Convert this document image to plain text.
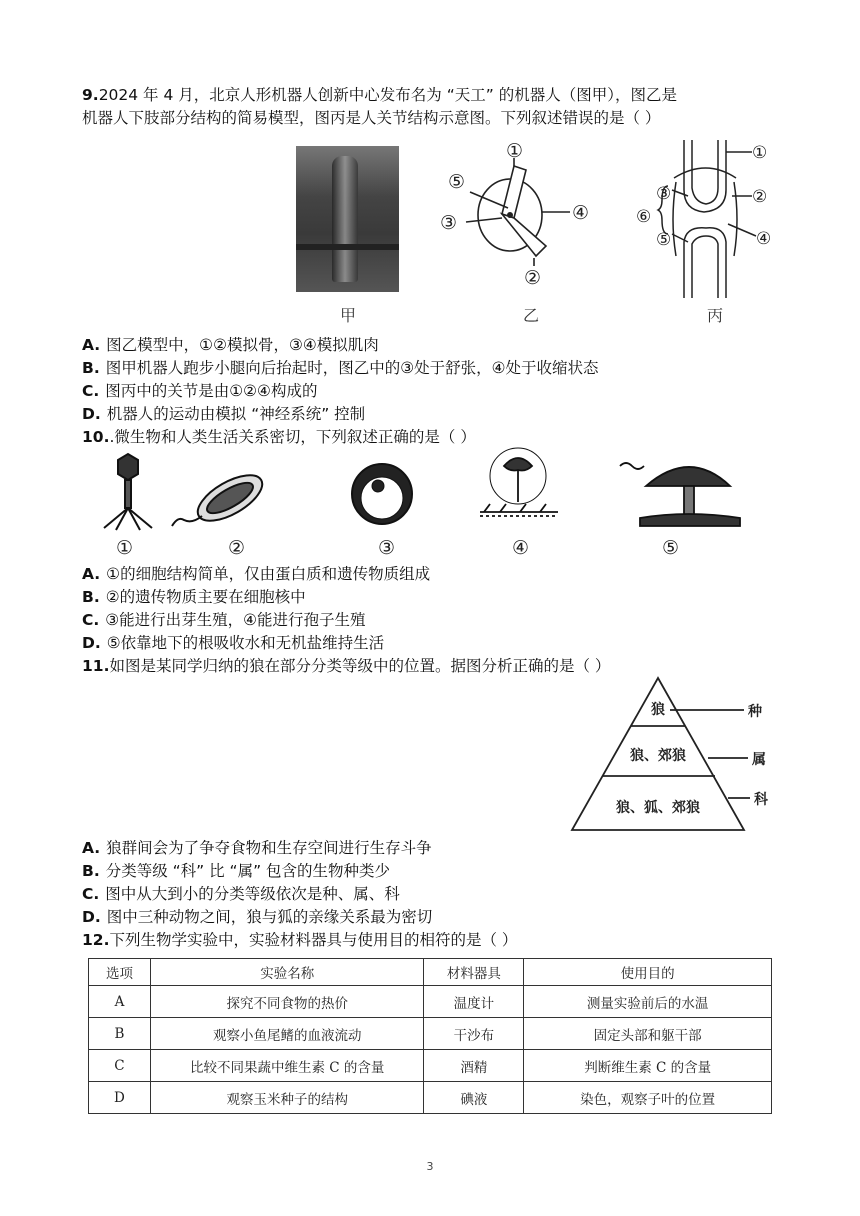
9.2024 年 4 月，北京人形机器人创新中心发布名为 “天工” 的机器人（图甲），图乙是
机器人下肢部分结构的简易模型，图丙是人关节结构示意图。下列叙述错误的是（ ）
①
②
③	④
⑤
①
②
③
④
⑤
⑥
甲	乙	丙
A. 图乙模型中，①②模拟骨，③④模拟肌肉
B. 图甲机器人跑步小腿向后抬起时，图乙中的③处于舒张，④处于收缩状态
C. 图丙中的关节是由①②④构成的
D. 机器人的运动由模拟 “神经系统” 控制
10..微生物和人类生活关系密切，下列叙述正确的是（ ）
①	②	③	④	⑤
A. ①的细胞结构简单，仅由蛋白质和遗传物质组成
B. ②的遗传物质主要在细胞核中
C. ③能进行出芽生殖，④能进行孢子生殖
D. ⑤依靠地下的根吸收水和无机盐维持生活
11.如图是某同学归纳的狼在部分分类等级中的位置。据图分析正确的是（ ）
狼
狼、郊狼
狼、狐、郊狼
种
属
科
A. 狼群间会为了争夺食物和生存空间进行生存斗争
B. 分类等级 “科” 比 “属” 包含的生物种类少
C. 图中从大到小的分类等级依次是种、属、科
D. 图中三种动物之间，狼与狐的亲缘关系最为密切
12.下列生物学实验中，实验材料器具与使用目的相符的是（ ）
选项	实验名称	材料器具	使用目的
A	探究不同食物的热价	温度计	测量实验前后的水温
B	观察小鱼尾鳍的血液流动	干沙布	固定头部和躯干部
C	比较不同果蔬中维生素 C 的含量	酒精	判断维生素 C 的含量
D	观察玉米种子的结构	碘液	染色，观察子叶的位置
3
